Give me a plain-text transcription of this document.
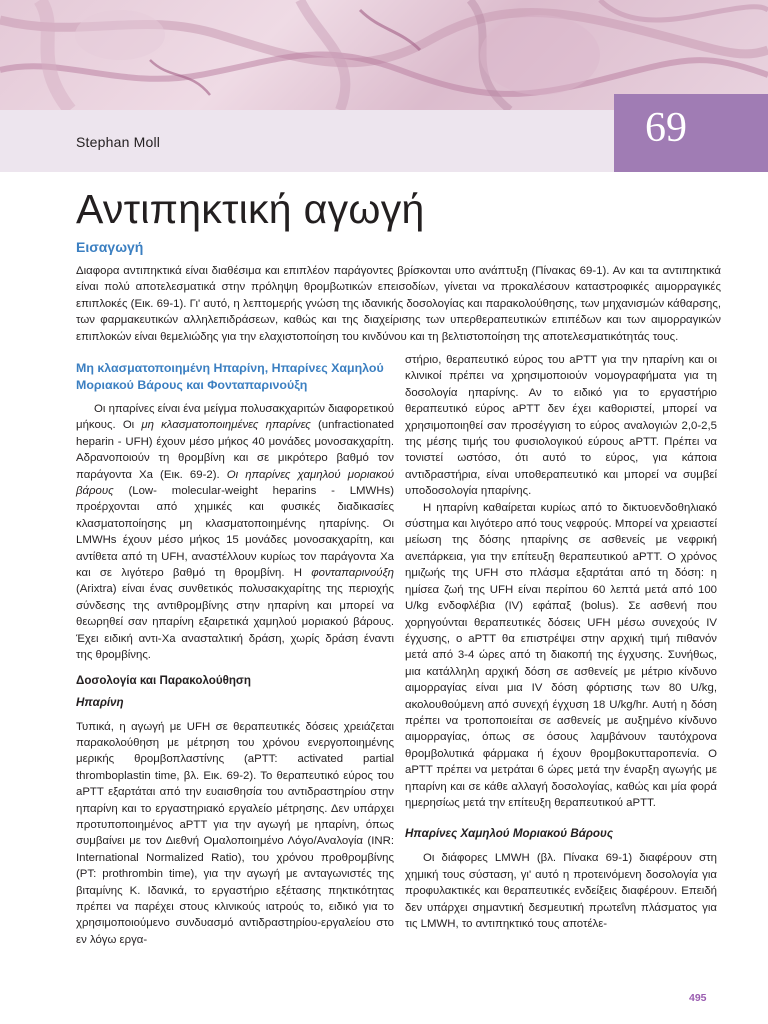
Stephan Moll	69
Αντιπηκτική αγωγή
Εισαγωγή

Διαφορα αντιπηκτικά είναι διαθέσιμα και επιπλέον παράγοντες βρίσκονται υπο ανάπτυξη (Πίνακας 69-1). Αν και τα αντιπηκτικά είναι πολύ αποτελεσματικά στην πρόληψη θρομβωτικών επεισοδίων, γίνεται να προκαλέσουν καταστροφικές αιμορραγικές επιπλοκές (Εικ. 69-1). Γι' αυτό, η λεπτομερής γνώση της ιδανικής δοσολογίας και παρακολούθησης, των μηχανισμών κάθαρσης, των φαρμακευτικών αλληλεπιδράσεων, καθώς και της διαχείρισης των υπερθεραπευτικών επιπέδων και των αιμορραγικών επιπλοκών είναι θεμελιώδης για την ελαχιστοποίηση του κινδύνου και τη βελτιστοποίηση της αποτελεσματικότητάς τους.

Μη κλασματοποιημένη Ηπαρίνη, Ηπαρίνες Χαμηλού Μοριακού Βάρους και Φονταπαρινούξη

Οι ηπαρίνες είναι ένα μείγμα πολυσακχαριτών διαφορετικού μήκους. Οι μη κλασματοποιημένες ηπαρίνες (unfractionated heparin - UFH) έχουν μέσο μήκος 40 μονάδες μονοσακχαρίτη. Αδρανοποιούν τη θρομβίνη και σε μικρότερο βαθμό τον παράγοντα Xa (Εικ. 69-2). Οι ηπαρίνες χαμηλού μοριακού βάρους (Low- molecular-weight heparins - LMWHs) προέρχονται από χημικές και φυσικές διαδικασίες κλασματοποίησης μη κλασματοποιημένης ηπαρίνης. Οι LMWHs έχουν μέσο μήκος 15 μονάδες μονοσακχαρίτη, και αντίθετα από τη UFH, αναστέλλουν κυρίως τον παράγοντα Xa και σε λιγότερο βαθμό τη θρομβίνη. Η φονταπαρινούξη (Arixtra) είναι ένας συνθετικός πολυσακχαρίτης της περιοχής σύνδεσης της αντιθρομβίνης στην ηπαρίνη και μπορεί να θεωρηθεί σαν ηπαρίνη εξαιρετικά χαμηλού μοριακού βάρους. Έχει ειδική αντι-Xa ανασταλτική δράση, χωρίς δράση έναντι της θρομβίνης.

Δοσολογία και Παρακολούθηση
Ηπαρίνη

Τυπικά, η αγωγή με UFH σε θεραπευτικές δόσεις χρειάζεται παρακολούθηση με μέτρηση του χρόνου ενεργοποιημένης μερικής θρομβοπλαστίνης (aPTT: activated partial thromboplastin time, βλ. Εικ. 69-2). Το θεραπευτικό εύρος του aPTT εξαρτάται από την ευαισθησία του αντιδραστηρίου στην ηπαρίνη και το εργαστηριακό εργαλείο μέτρησης. Δεν υπάρχει προτυποποιημένος aPTT για την αγωγή με ηπαρίνη, όπως συμβαίνει με τον Διεθνή Ομαλοποιημένο Λόγο/Αναλογία (INR: International Normalized Ratio), του χρόνου προθρομβίνης (PT: prothrombin time), για την αγωγή με ανταγωνιστές της βιταμίνης Κ. Ιδανικά, το εργαστήριο εξέτασης πηκτικότητας πρέπει να παρέχει στους κλινικούς ιατρούς το, ειδικό για το χρησιμοποιούμενο συνδυασμό αντιδραστηρίου-εργαλείου στο εν λόγω εργα-

στήριο, θεραπευτικό εύρος του aPTT για την ηπαρίνη και οι κλινικοί πρέπει να χρησιμοποιούν νομογραφήματα για τη δοσολογία ηπαρίνης. Αν το ειδικό για το εργαστήριο θεραπευτικό εύρος aPTT δεν έχει καθοριστεί, μπορεί να χρησιμοποιηθεί σαν προσέγγιση το εύρος αναλογιών 2,0-2,5 της μέσης τιμής του φυσιολογικού εύρους aPTT. Πρέπει να τονιστεί ωστόσο, ότι αυτό το εύρος, για κάποια αντιδραστήρια, είναι υποθεραπευτικό και μπορεί να συμβεί υποδοσολογία ηπαρίνης.

Η ηπαρίνη καθαίρεται κυρίως από το δικτυοενδοθηλιακό σύστημα και λιγότερο από τους νεφρούς. Μπορεί να χρειαστεί μείωση της δόσης ηπαρίνης σε ασθενείς με νεφρική ανεπάρκεια, για την επίτευξη θεραπευτικού aPTT. Ο χρόνος ημιζωής της UFH στο πλάσμα εξαρτάται από τη δόση: η ημίσεα ζωή της UFH είναι περίπου 60 λεπτά μετά από 100 U/kg ενδοφλέβια (IV) εφάπαξ (bolus). Σε ασθενή που χορηγούνται θεραπευτικές δόσεις UFH μέσω συνεχούς IV έγχυσης, ο aPTT θα επιστρέψει στην αρχική τιμή πιθανόν μετά από 3-4 ώρες από τη διακοπή της έγχυσης. Συνήθως, μια κατάλληλη αρχική δόση σε ασθενείς με μέτριο κίνδυνο αιμορραγίας είναι μια IV δόση φόρτισης των 80 U/kg, ακολουθούμενη από συνεχή έγχυση 18 U/kg/hr. Αυτή η δόση πρέπει να τροποποιείται σε ασθενείς με αυξημένο κίνδυνο αιμορραγίας, όπως σε όσους λαμβάνουν ταυτόχρονα θρομβολυτικά φάρμακα ή έχουν θρομβοκυτταροπενία. Ο aPTT πρέπει να μετράται 6 ώρες μετά την έναρξη αγωγής με ηπαρίνη και σε κάθε αλλαγή δοσολογίας, καθώς και μία φορά ημερησίως μετά την επίτευξη θεραπευτικού aPTT.

Ηπαρίνες Χαμηλού Μοριακού Βάρους

Οι διάφορες LMWH (βλ. Πίνακα 69-1) διαφέρουν στη χημική τους σύσταση, γι' αυτό η προτεινόμενη δοσολογία για προφυλακτικές και θεραπευτικές ενδείξεις διαφέρουν. Επειδή δεν υπάρχει σημαντική δεσμευτική πρωτεΐνη πλάσματος για τις LMWH, το αντιπηκτικό τους αποτέλε-

495
